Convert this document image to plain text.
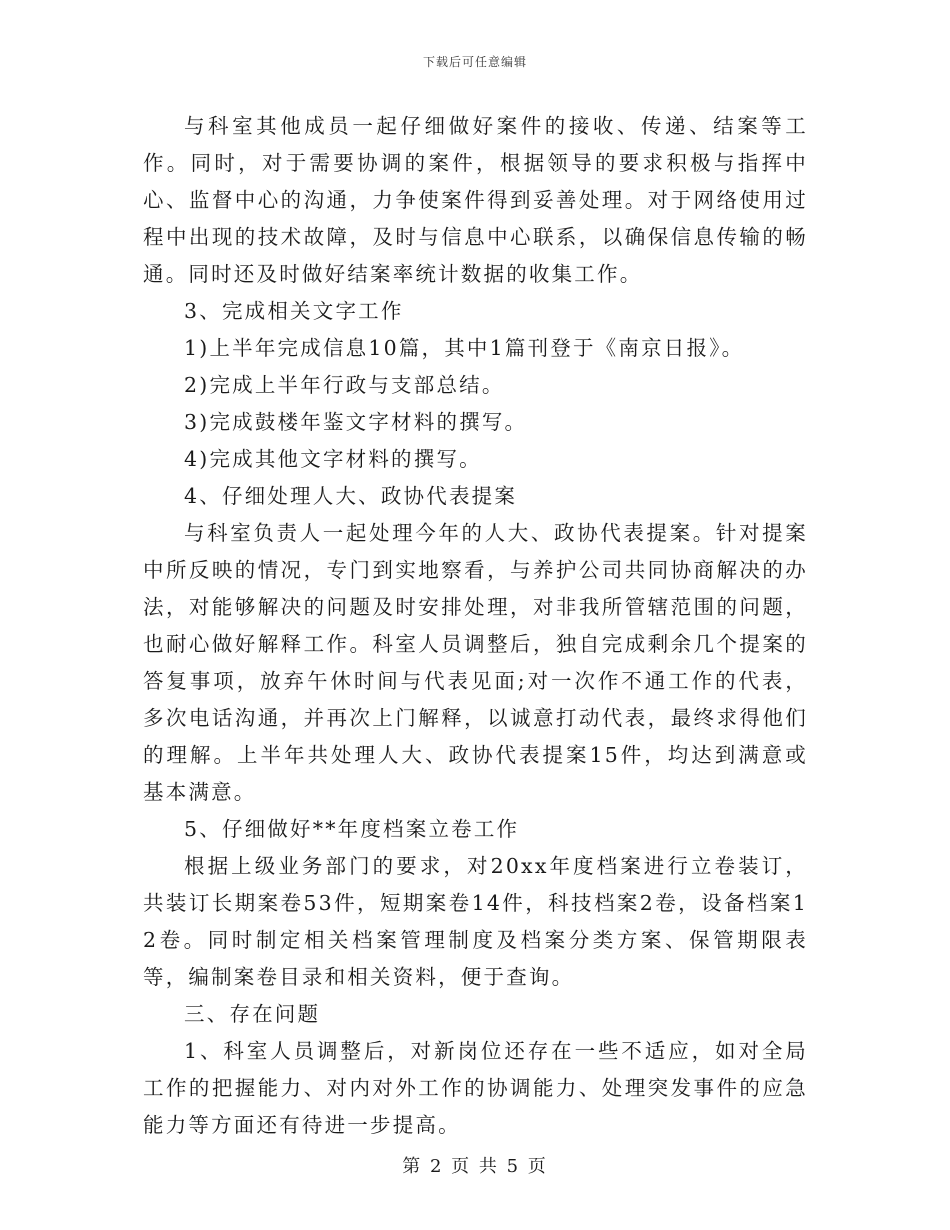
下载后可任意编辑

与科室其他成员一起仔细做好案件的接收、传递、结案等工作。同时，对于需要协调的案件，根据领导的要求积极与指挥中心、监督中心的沟通，力争使案件得到妥善处理。对于网络使用过程中出现的技术故障，及时与信息中心联系，以确保信息传输的畅通。同时还及时做好结案率统计数据的收集工作。

3、完成相关文字工作

1)上半年完成信息10篇，其中1篇刊登于《南京日报》。

2)完成上半年行政与支部总结。

3)完成鼓楼年鉴文字材料的撰写。

4)完成其他文字材料的撰写。

4、仔细处理人大、政协代表提案

与科室负责人一起处理今年的人大、政协代表提案。针对提案中所反映的情况，专门到实地察看，与养护公司共同协商解决的办法，对能够解决的问题及时安排处理，对非我所管辖范围的问题，也耐心做好解释工作。科室人员调整后，独自完成剩余几个提案的答复事项，放弃午休时间与代表见面;对一次作不通工作的代表，多次电话沟通，并再次上门解释，以诚意打动代表，最终求得他们的理解。上半年共处理人大、政协代表提案15件，均达到满意或基本满意。

5、仔细做好**年度档案立卷工作

根据上级业务部门的要求，对20xx年度档案进行立卷装订，共装订长期案卷53件，短期案卷14件，科技档案2卷，设备档案12卷。同时制定相关档案管理制度及档案分类方案、保管期限表等，编制案卷目录和相关资料，便于查询。

三、存在问题

1、科室人员调整后，对新岗位还存在一些不适应，如对全局工作的把握能力、对内对外工作的协调能力、处理突发事件的应急能力等方面还有待进一步提高。

第 2 页 共 5 页
